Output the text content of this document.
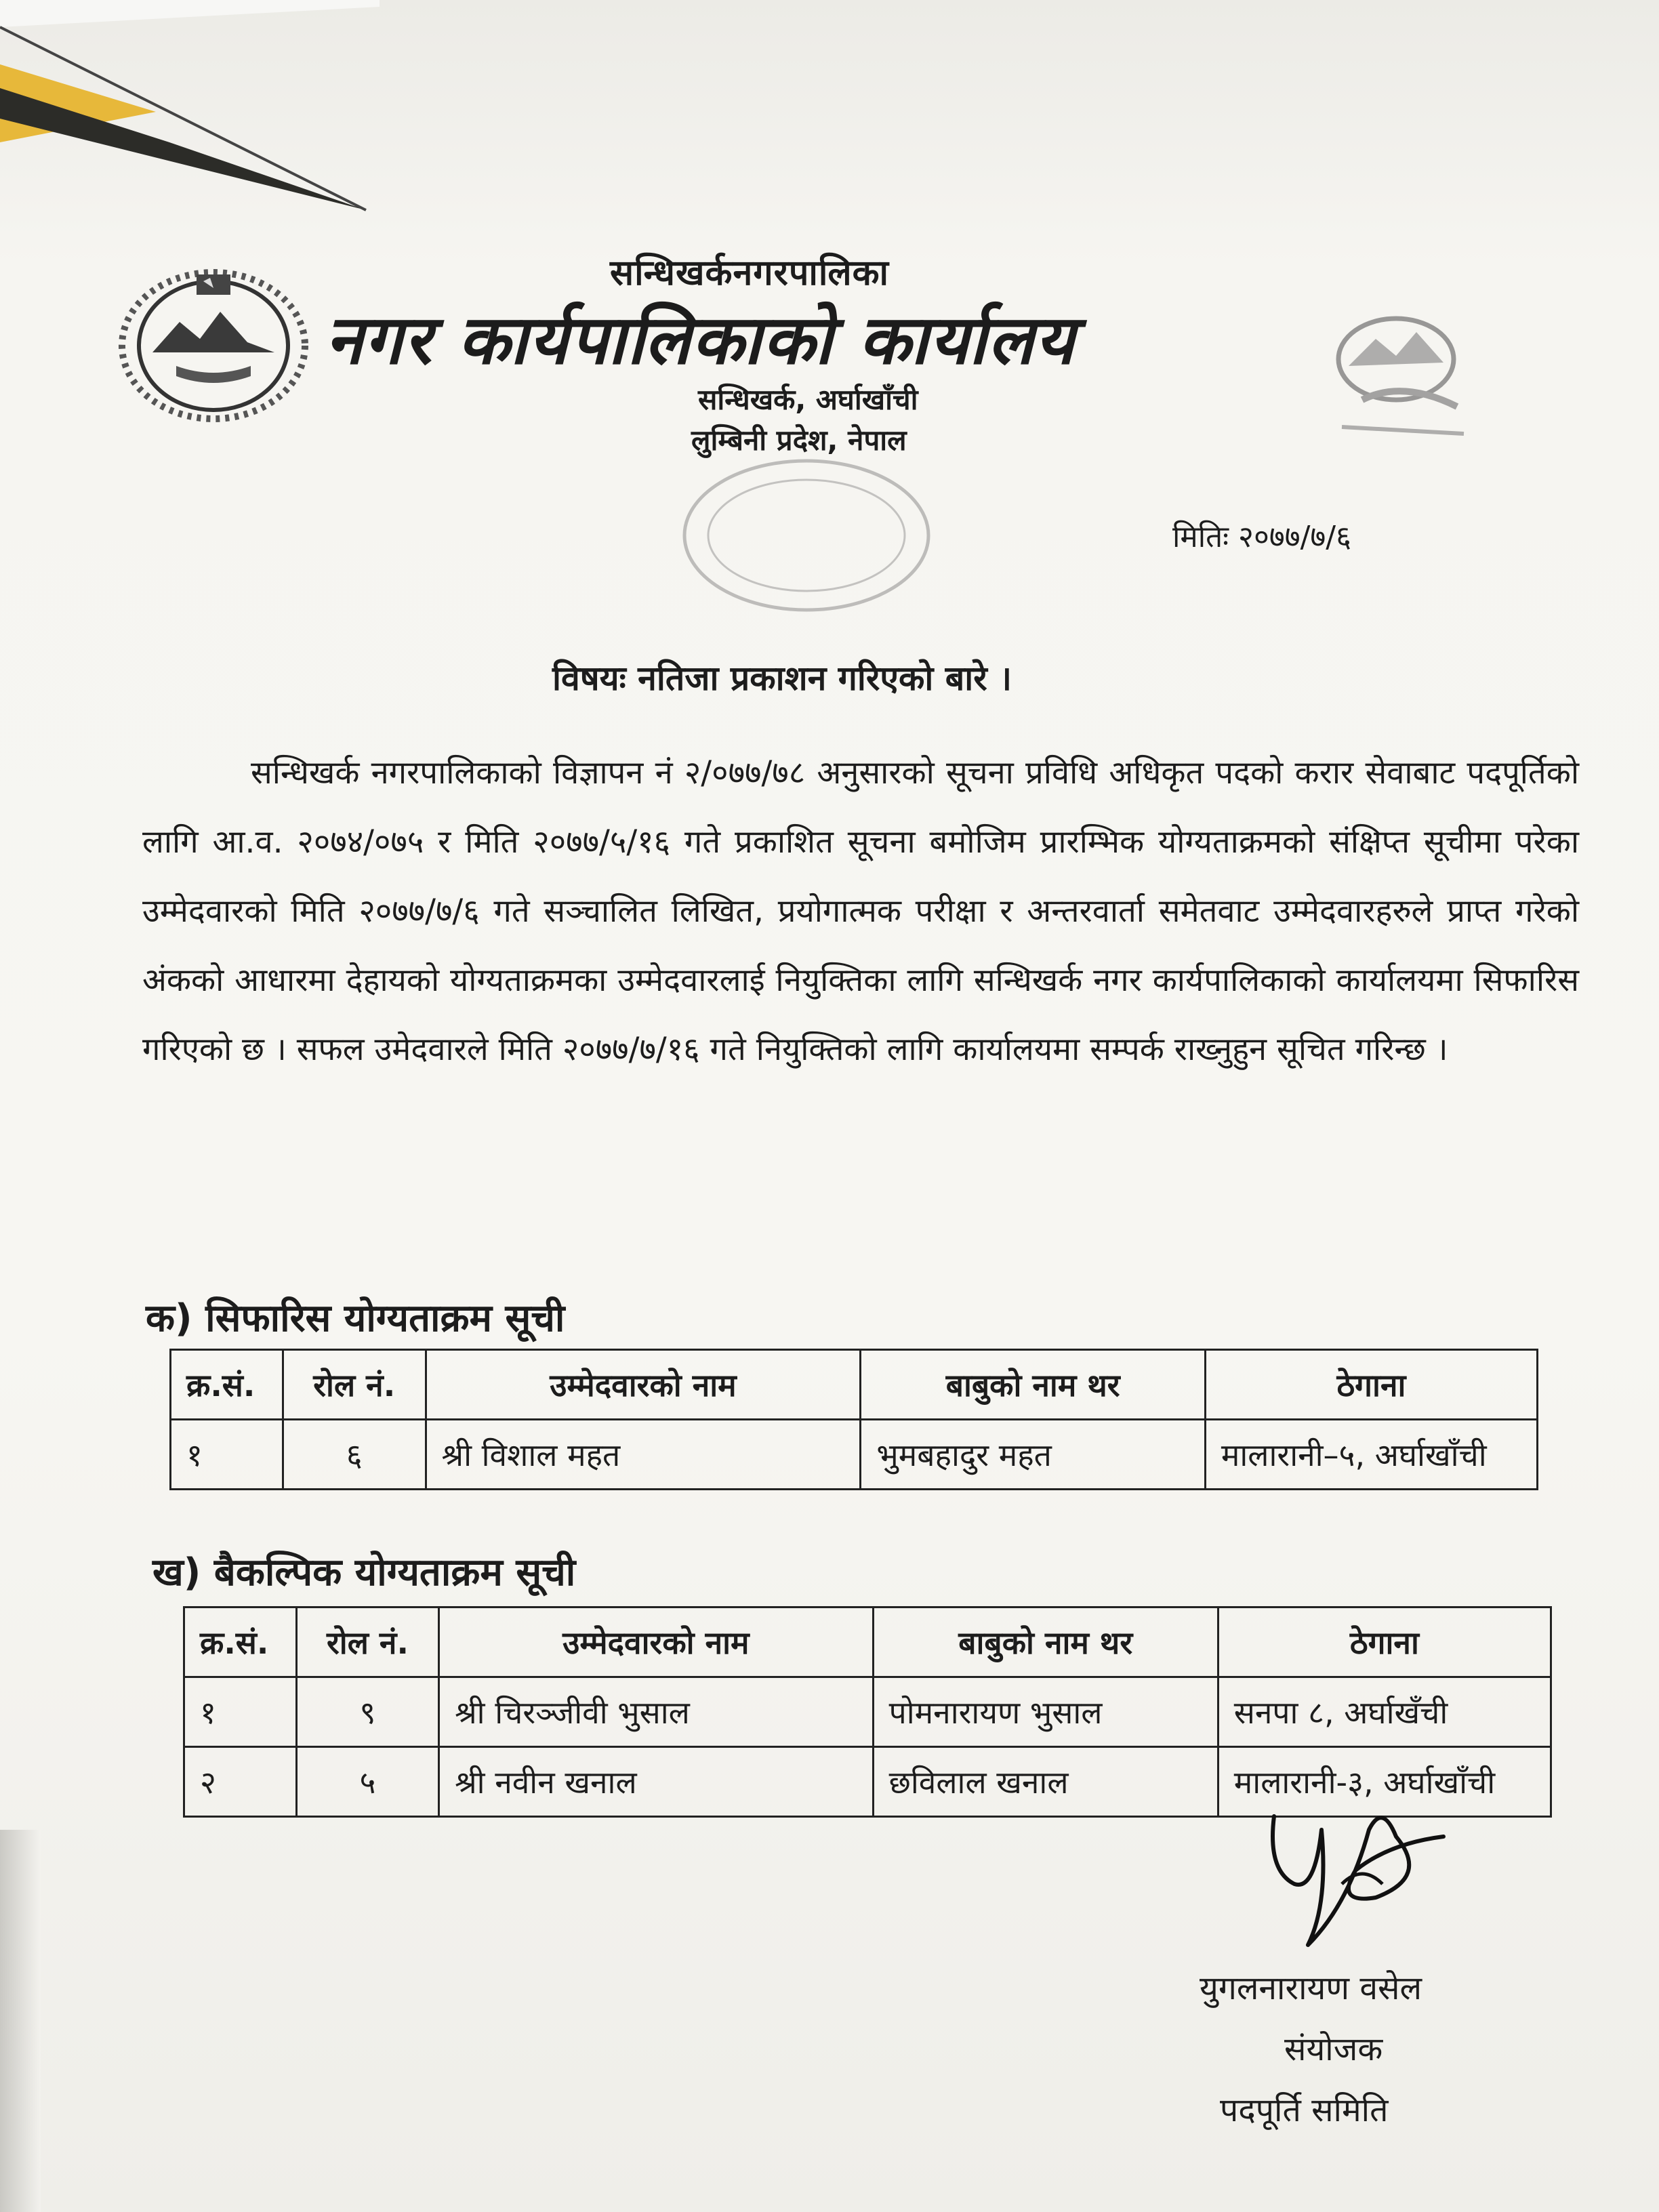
सन्धिखर्कनगरपालिका
नगर कार्यपालिकाको कार्यालय
सन्धिखर्क, अर्घाखाँची
लुम्बिनी प्रदेश, नेपाल
मितिः २०७७/७/६
विषयः नतिजा प्रकाशन गरिएको बारे ।
सन्धिखर्क नगरपालिकाको विज्ञापन नं २/०७७/७८ अनुसारको सूचना प्रविधि अधिकृत पदको करार सेवाबाट पदपूर्तिको लागि आ.व. २०७४/०७५ र मिति २०७७/५/१६ गते प्रकाशित सूचना बमोजिम प्रारम्भिक योग्यताक्रमको संक्षिप्त सूचीमा परेका उम्मेदवारको मिति २०७७/७/६ गते सञ्चालित लिखित, प्रयोगात्मक परीक्षा र अन्तरवार्ता समेतवाट उम्मेदवारहरुले प्राप्त गरेको अंकको आधारमा देहायको योग्यताक्रमका उम्मेदवारलाई नियुक्तिका लागि सन्धिखर्क नगर कार्यपालिकाको कार्यालयमा सिफारिस गरिएको छ । सफल उमेदवारले मिति २०७७/७/१६ गते नियुक्तिको लागि कार्यालयमा सम्पर्क राख्नुहुन सूचित गरिन्छ ।
क) सिफारिस योग्यताक्रम सूची
क्र.सं.	रोल नं.	उम्मेदवारको नाम	बाबुको नाम थर	ठेगाना
१	६	श्री विशाल महत	भुमबहादुर महत	मालारानी–५, अर्घाखाँची
ख) बैकल्पिक योग्यताक्रम सूची
क्र.सं.	रोल नं.	उम्मेदवारको नाम	बाबुको नाम थर	ठेगाना
१	९	श्री चिरञ्जीवी भुसाल	पोमनारायण भुसाल	सनपा ८, अर्घाखँची
२	५	श्री नवीन खनाल	छविलाल खनाल	मालारानी-३, अर्घाखाँची
युगलनारायण वसेल
संयोजक
पदपूर्ति समिति
